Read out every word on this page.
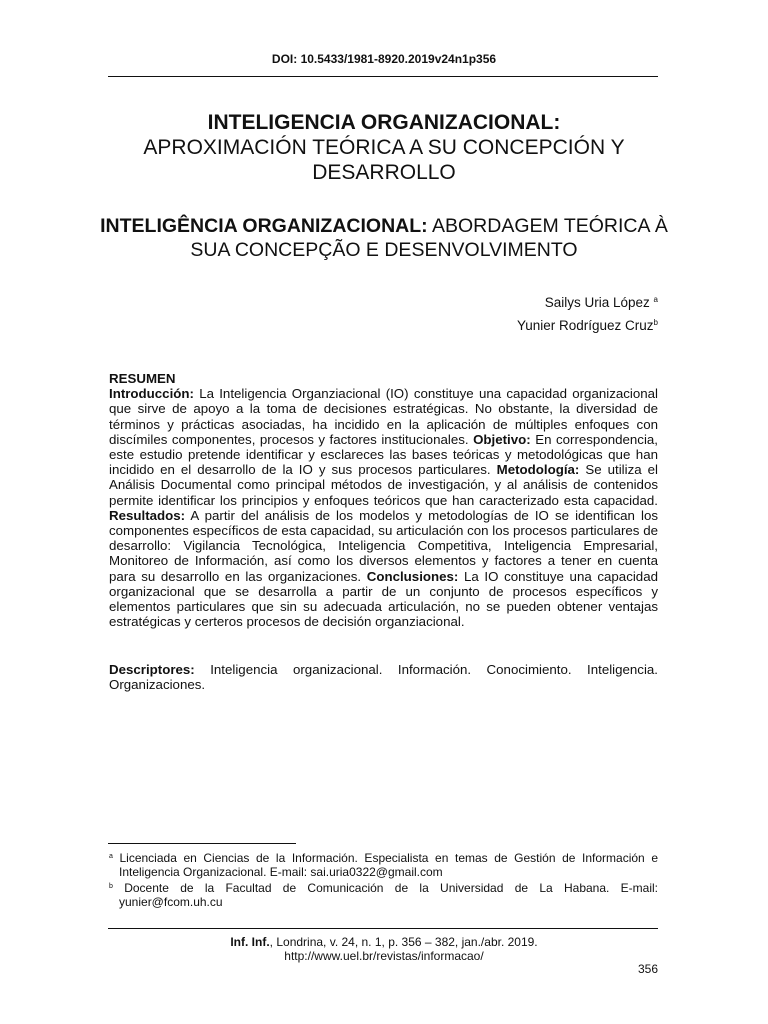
DOI: 10.5433/1981-8920.2019v24n1p356
INTELIGENCIA ORGANIZACIONAL:
APROXIMACIÓN TEÓRICA A SU CONCEPCIÓN Y DESARROLLO
INTELIGÊNCIA ORGANIZACIONAL: ABORDAGEM TEÓRICA À SUA CONCEPÇÃO E DESENVOLVIMENTO
Sailys Uria López $^a$
Yunier Rodríguez Cruz$^b$

RESUMEN

Introducción: La Inteligencia Organziacional (IO) constituye una capacidad organizacional que sirve de apoyo a la toma de decisiones estratégicas. No obstante, la diversidad de términos y prácticas asociadas, ha incidido en la aplicación de múltiples enfoques con discímiles componentes, procesos y factores institucionales. Objetivo: En correspondencia, este estudio pretende identificar y esclareces las bases teóricas y metodológicas que han incidido en el desarrollo de la IO y sus procesos particulares. Metodología: Se utiliza el Análisis Documental como principal métodos de investigación, y al análisis de contenidos permite identificar los principios y enfoques teóricos que han caracterizado esta capacidad. Resultados: A partir del análisis de los modelos y metodologías de IO se identifican los componentes específicos de esta capacidad, su articulación con los procesos particulares de desarrollo: Vigilancia Tecnológica, Inteligencia Competitiva, Inteligencia Empresarial, Monitoreo de Información, así como los diversos elementos y factores a tener en cuenta para su desarrollo en las organizaciones. Conclusiones: La IO constituye una capacidad organizacional que se desarrolla a partir de un conjunto de procesos específicos y elementos particulares que sin su adecuada articulación, no se pueden obtener ventajas estratégicas y certeros procesos de decisión organziacional.

Descriptores: Inteligencia organizacional. Información. Conocimiento. Inteligencia. Organizaciones.
$^a$ Licenciada en Ciencias de la Información. Especialista en temas de Gestión de Información e Inteligencia Organizacional. E-mail: sai.uria0322@gmail.com
$^b$ Docente de la Facultad de Comunicación de la Universidad de La Habana. E-mail: yunier@fcom.uh.cu
Inf. Inf., Londrina, v. 24, n. 1, p. 356 – 382, jan./abr. 2019.
http://www.uel.br/revistas/informacao/
356
